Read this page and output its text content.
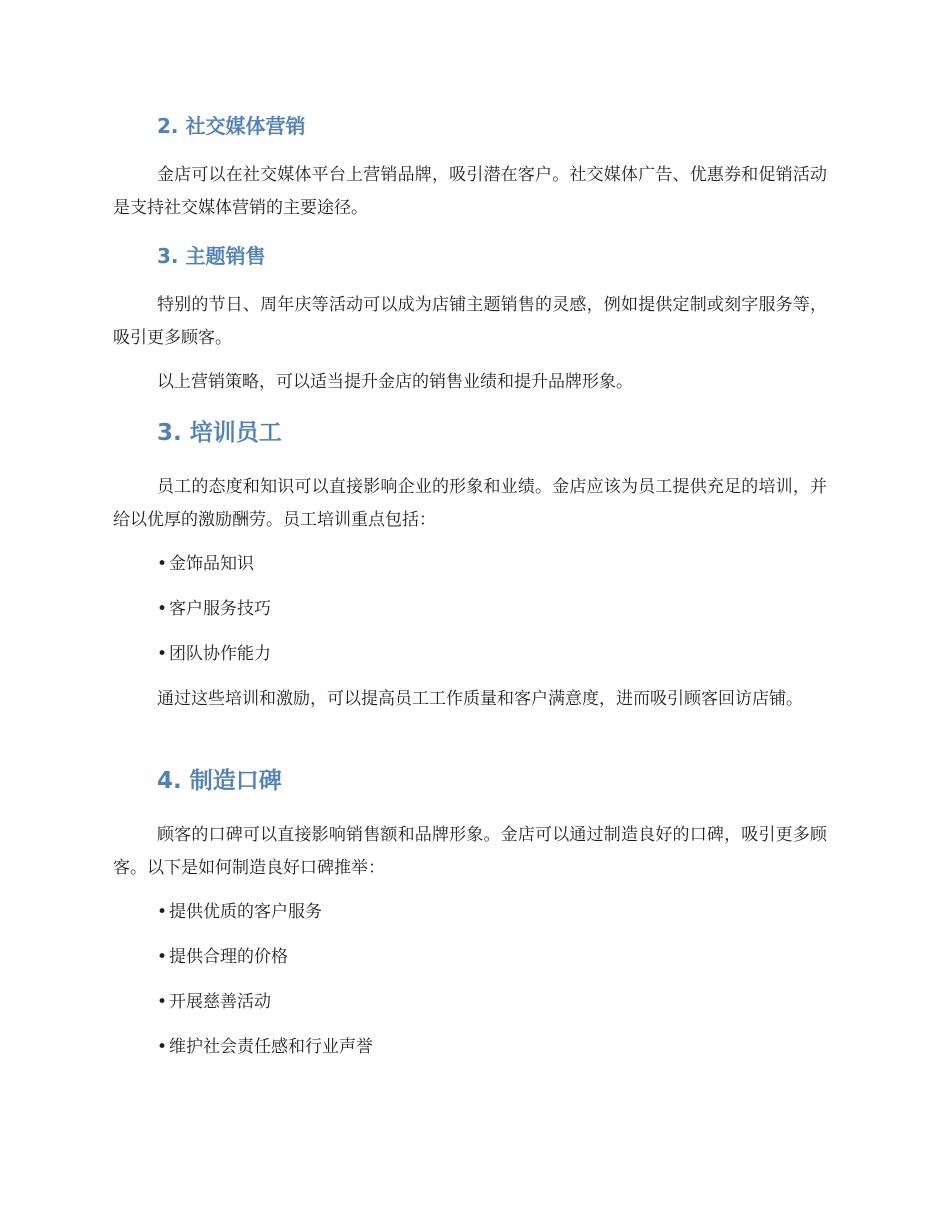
2. 社交媒体营销

金店可以在社交媒体平台上营销品牌，吸引潜在客户。社交媒体广告、优惠券和促销活动是支持社交媒体营销的主要途径。

3. 主题销售

特别的节日、周年庆等活动可以成为店铺主题销售的灵感，例如提供定制或刻字服务等，吸引更多顾客。

以上营销策略，可以适当提升金店的销售业绩和提升品牌形象。

3. 培训员工

员工的态度和知识可以直接影响企业的形象和业绩。金店应该为员工提供充足的培训，并给以优厚的激励酬劳。员工培训重点包括：

• 金饰品知识
• 客户服务技巧
• 团队协作能力

通过这些培训和激励，可以提高员工工作质量和客户满意度，进而吸引顾客回访店铺。

4. 制造口碑

顾客的口碑可以直接影响销售额和品牌形象。金店可以通过制造良好的口碑，吸引更多顾客。以下是如何制造良好口碑推举：

• 提供优质的客户服务
• 提供合理的价格
• 开展慈善活动
• 维护社会责任感和行业声誉
